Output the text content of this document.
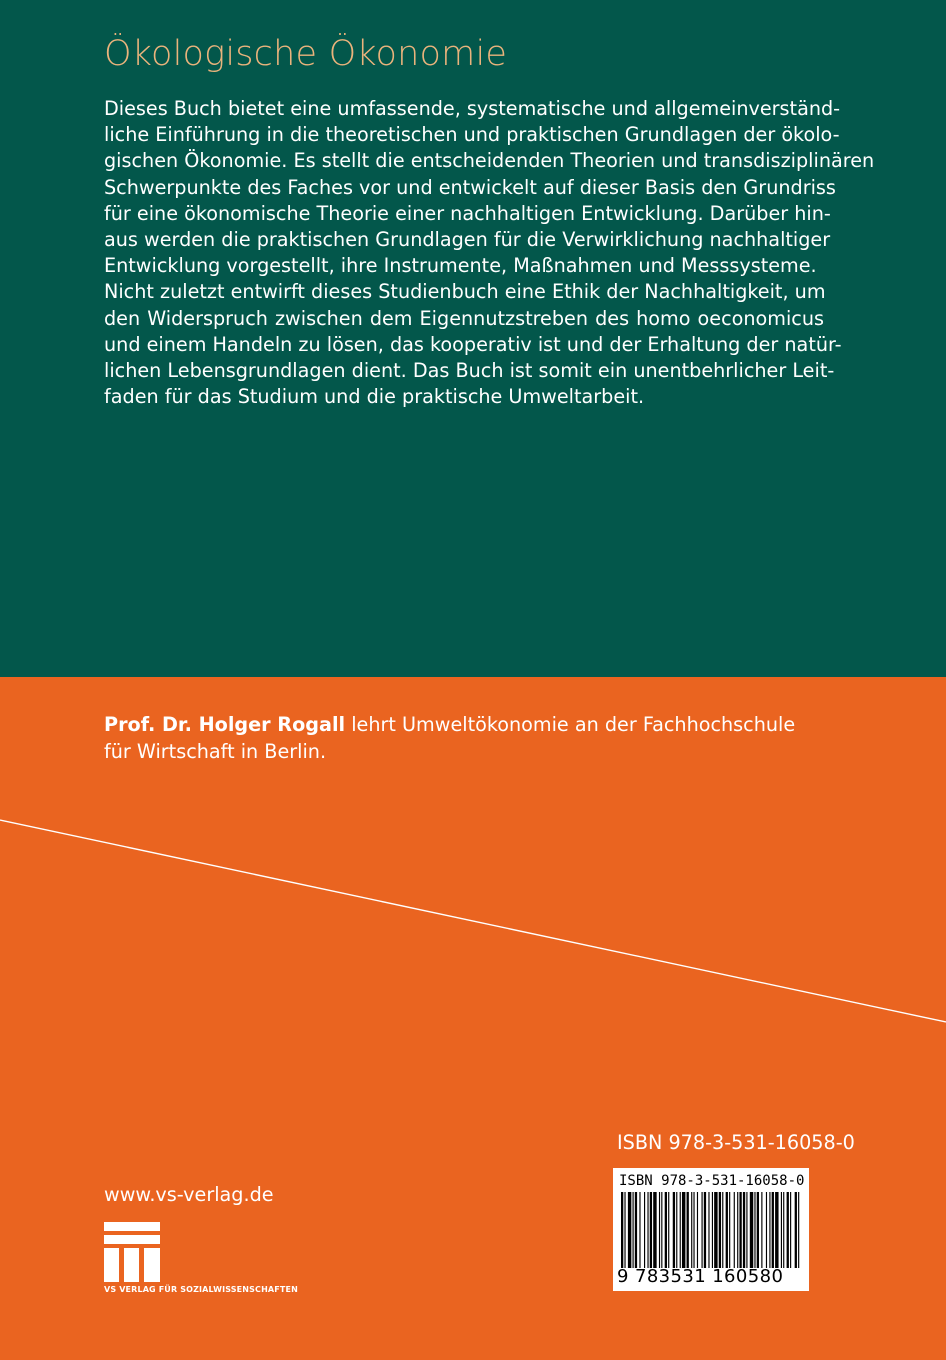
Ökologische Ökonomie
Dieses Buch bietet eine umfassende, systematische und allgemeinverständ-
liche Einführung in die theoretischen und praktischen Grundlagen der ökolo-
gischen Ökonomie. Es stellt die entscheidenden Theorien und transdisziplinären
Schwerpunkte des Faches vor und entwickelt auf dieser Basis den Grundriss
für eine ökonomische Theorie einer nachhaltigen Entwicklung. Darüber hin-
aus werden die praktischen Grundlagen für die Verwirklichung nachhaltiger
Entwicklung vorgestellt, ihre Instrumente, Maßnahmen und Messsysteme.
Nicht zuletzt entwirft dieses Studienbuch eine Ethik der Nachhaltigkeit, um
den Widerspruch zwischen dem Eigennutzstreben des homo oeconomicus
und einem Handeln zu lösen, das kooperativ ist und der Erhaltung der natür-
lichen Lebensgrundlagen dient. Das Buch ist somit ein unentbehrlicher Leit-
faden für das Studium und die praktische Umweltarbeit.
Prof. Dr. Holger Rogall lehrt Umweltökonomie an der Fachhochschule
für Wirtschaft in Berlin.
ISBN 978-3-531-16058-0
ISBN 978-3-531-16058-0
9 783531 160580
www.vs-verlag.de
VS VERLAG FÜR SOZIALWISSENSCHAFTEN
